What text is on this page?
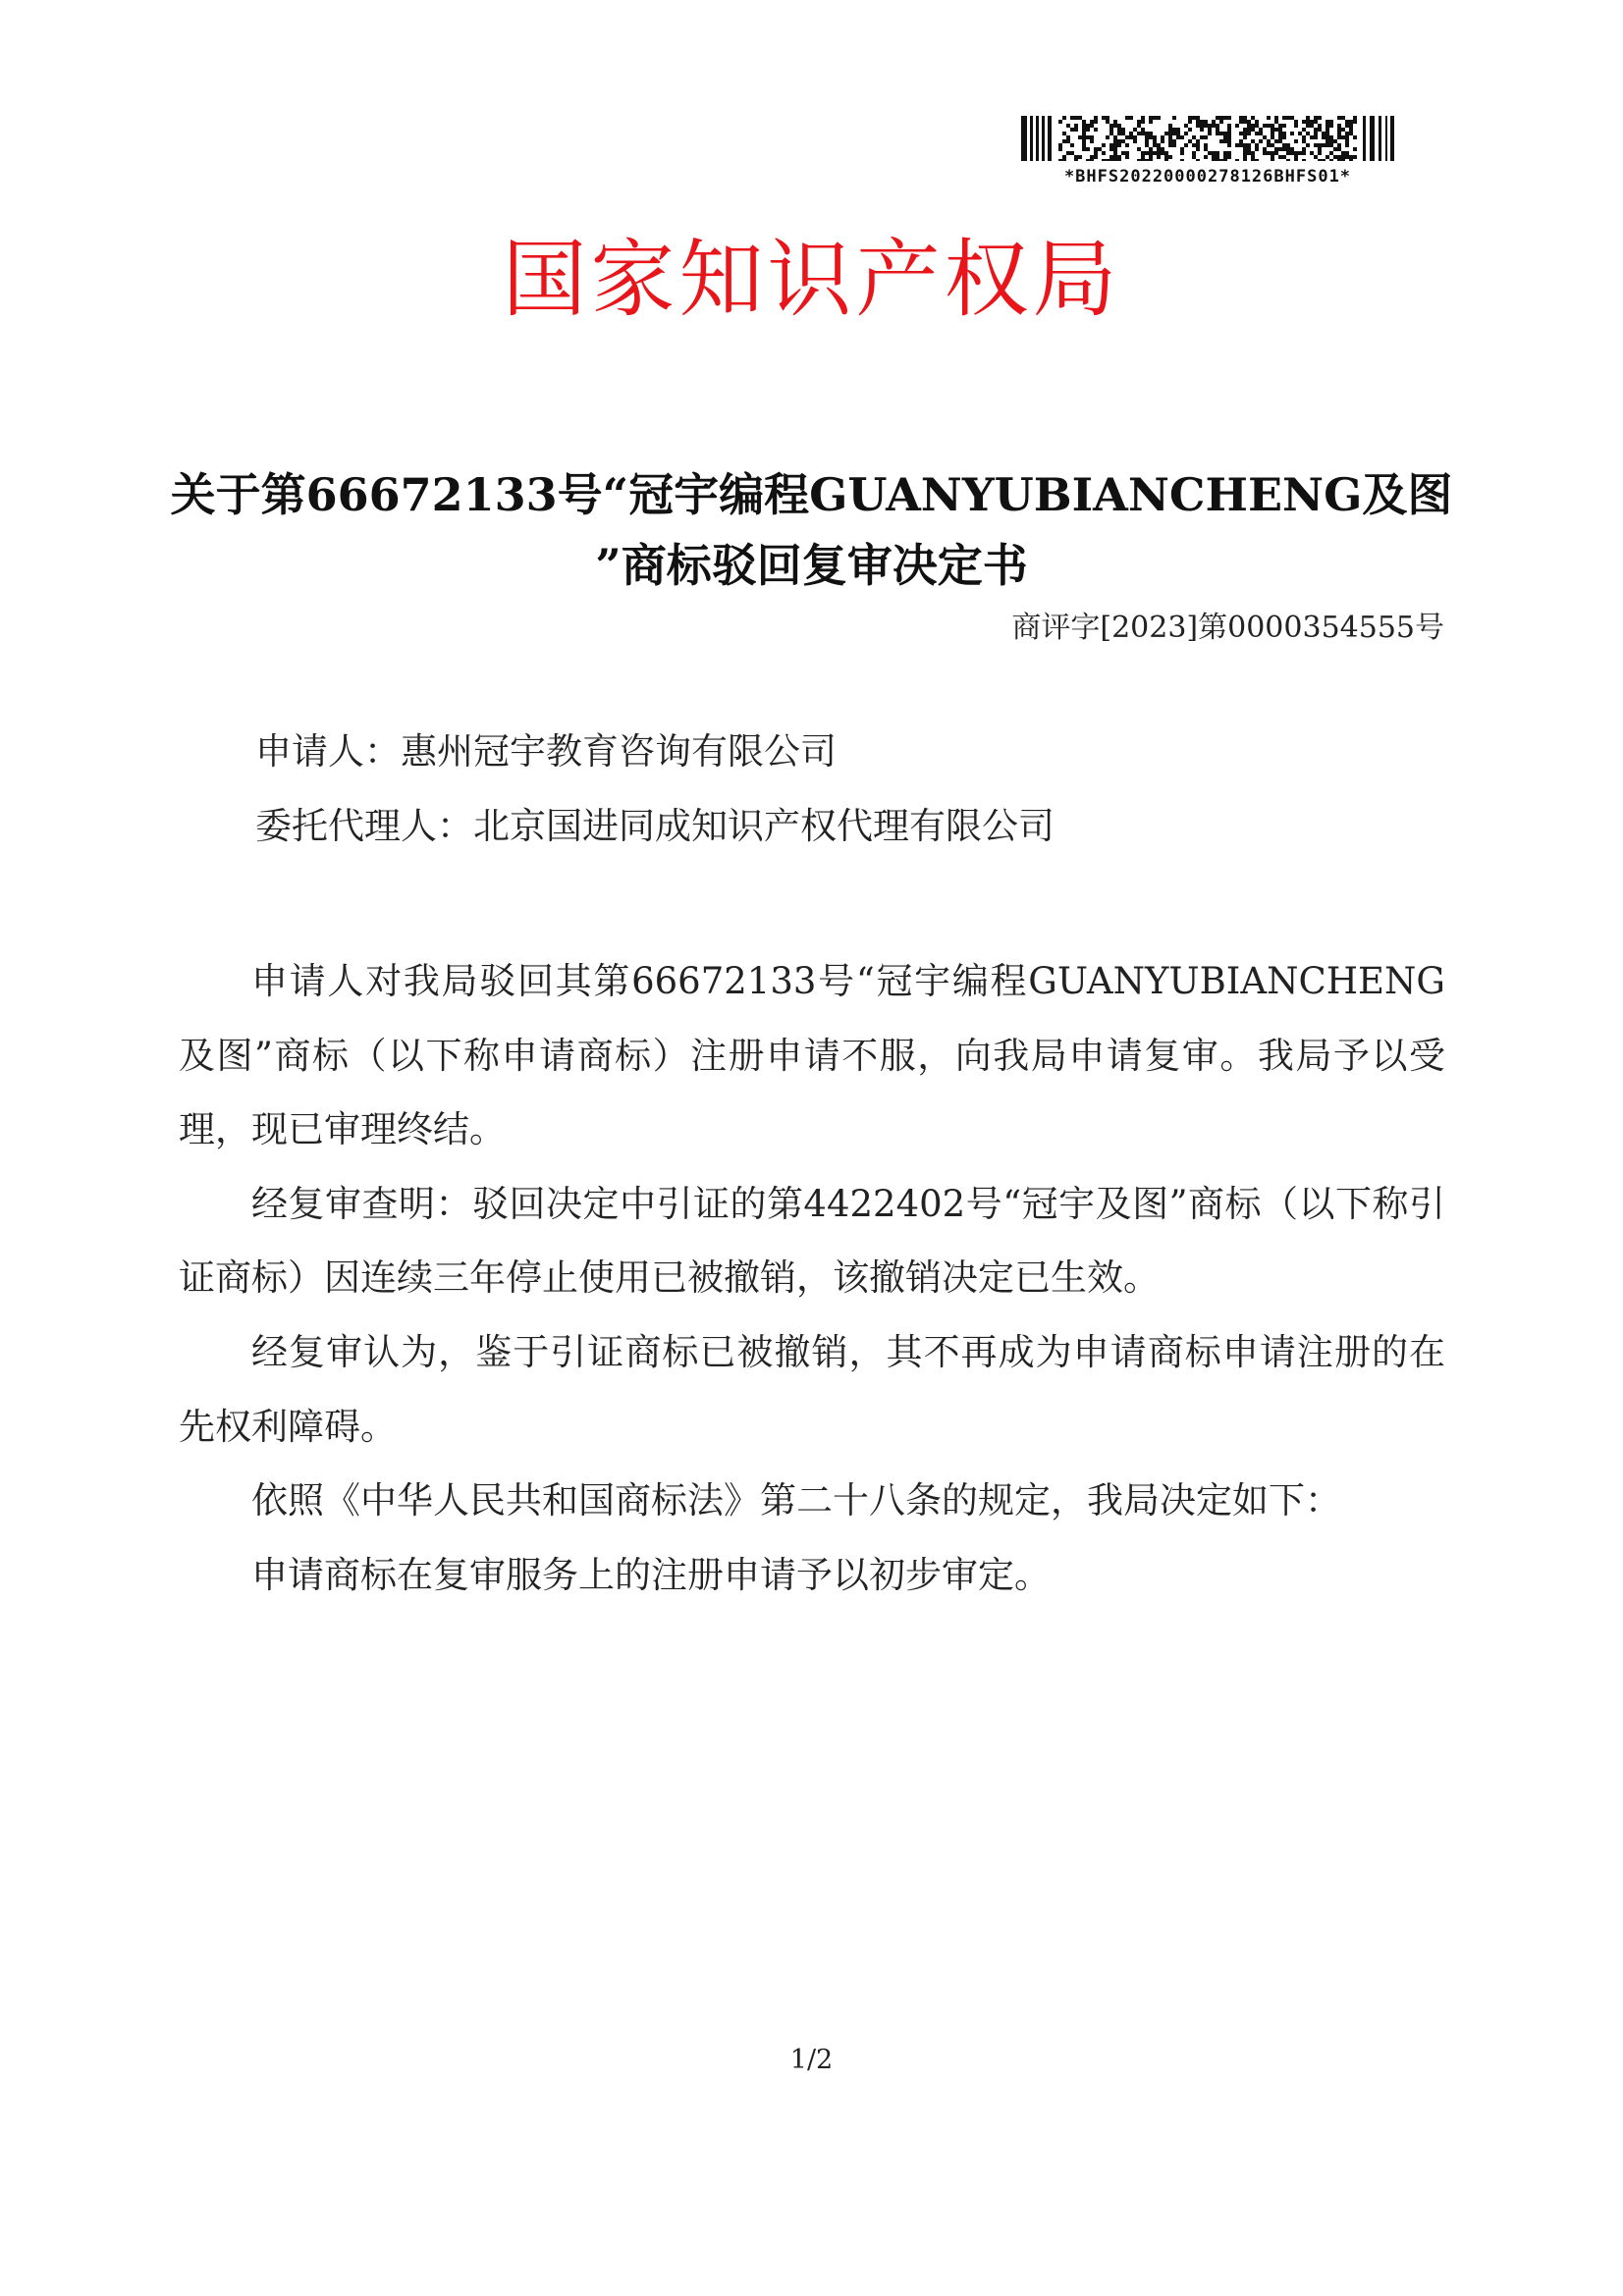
*BHFS20220000278126BHFS01*
国家知识产权局
关于第66672133号“冠宇编程GUANYUBIANCHENG及图
”商标驳回复审决定书
商评字[2023]第0000354555号
申请人：惠州冠宇教育咨询有限公司
委托代理人：北京国进同成知识产权代理有限公司

申请人对我局驳回其第66672133号“冠宇编程GUANYUBIANCHENG及图”商标（以下称申请商标）注册申请不服，向我局申请复审。我局予以受理，现已审理终结。

经复审查明：驳回决定中引证的第4422402号“冠宇及图”商标（以下称引证商标）因连续三年停止使用已被撤销，该撤销决定已生效。

经复审认为，鉴于引证商标已被撤销，其不再成为申请商标申请注册的在先权利障碍。

依照《中华人民共和国商标法》第二十八条的规定，我局决定如下：

申请商标在复审服务上的注册申请予以初步审定。

1/2
